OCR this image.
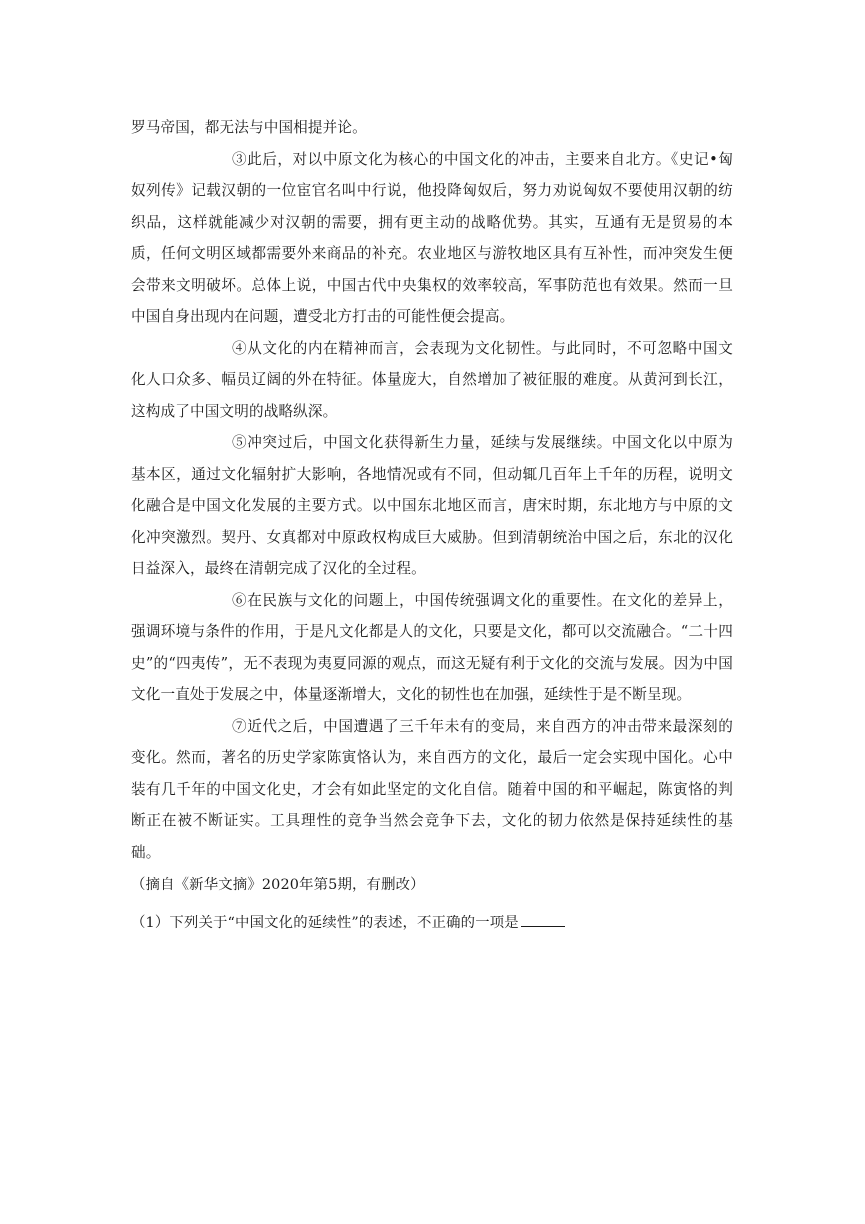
罗马帝国，都无法与中国相提并论。

③此后，对以中原文化为核心的中国文化的冲击，主要来自北方。《史记•匈奴列传》记载汉朝的一位宦官名叫中行说，他投降匈奴后，努力劝说匈奴不要使用汉朝的纺织品，这样就能减少对汉朝的需要，拥有更主动的战略优势。其实，互通有无是贸易的本质，任何文明区域都需要外来商品的补充。农业地区与游牧地区具有互补性，而冲突发生便会带来文明破坏。总体上说，中国古代中央集权的效率较高，军事防范也有效果。然而一旦中国自身出现内在问题，遭受北方打击的可能性便会提高。

④从文化的内在精神而言，会表现为文化韧性。与此同时，不可忽略中国文化人口众多、幅员辽阔的外在特征。体量庞大，自然增加了被征服的难度。从黄河到长江，这构成了中国文明的战略纵深。

⑤冲突过后，中国文化获得新生力量，延续与发展继续。中国文化以中原为基本区，通过文化辐射扩大影响，各地情况或有不同，但动辄几百年上千年的历程，说明文化融合是中国文化发展的主要方式。以中国东北地区而言，唐宋时期，东北地方与中原的文化冲突激烈。契丹、女真都对中原政权构成巨大威胁。但到清朝统治中国之后，东北的汉化日益深入，最终在清朝完成了汉化的全过程。

⑥在民族与文化的问题上，中国传统强调文化的重要性。在文化的差异上，强调环境与条件的作用，于是凡文化都是人的文化，只要是文化，都可以交流融合。“二十四史”的“四夷传”，无不表现为夷夏同源的观点，而这无疑有利于文化的交流与发展。因为中国文化一直处于发展之中，体量逐渐增大，文化的韧性也在加强，延续性于是不断呈现。

⑦近代之后，中国遭遇了三千年未有的变局，来自西方的冲击带来最深刻的变化。然而，著名的历史学家陈寅恪认为，来自西方的文化，最后一定会实现中国化。心中装有几千年的中国文化史，才会有如此坚定的文化自信。随着中国的和平崛起，陈寅恪的判断正在被不断证实。工具理性的竞争当然会竞争下去，文化的韧力依然是保持延续性的基础。

（摘自《新华文摘》2020年第5期，有删改）

（1）下列关于“中国文化的延续性”的表述，不正确的一项是
